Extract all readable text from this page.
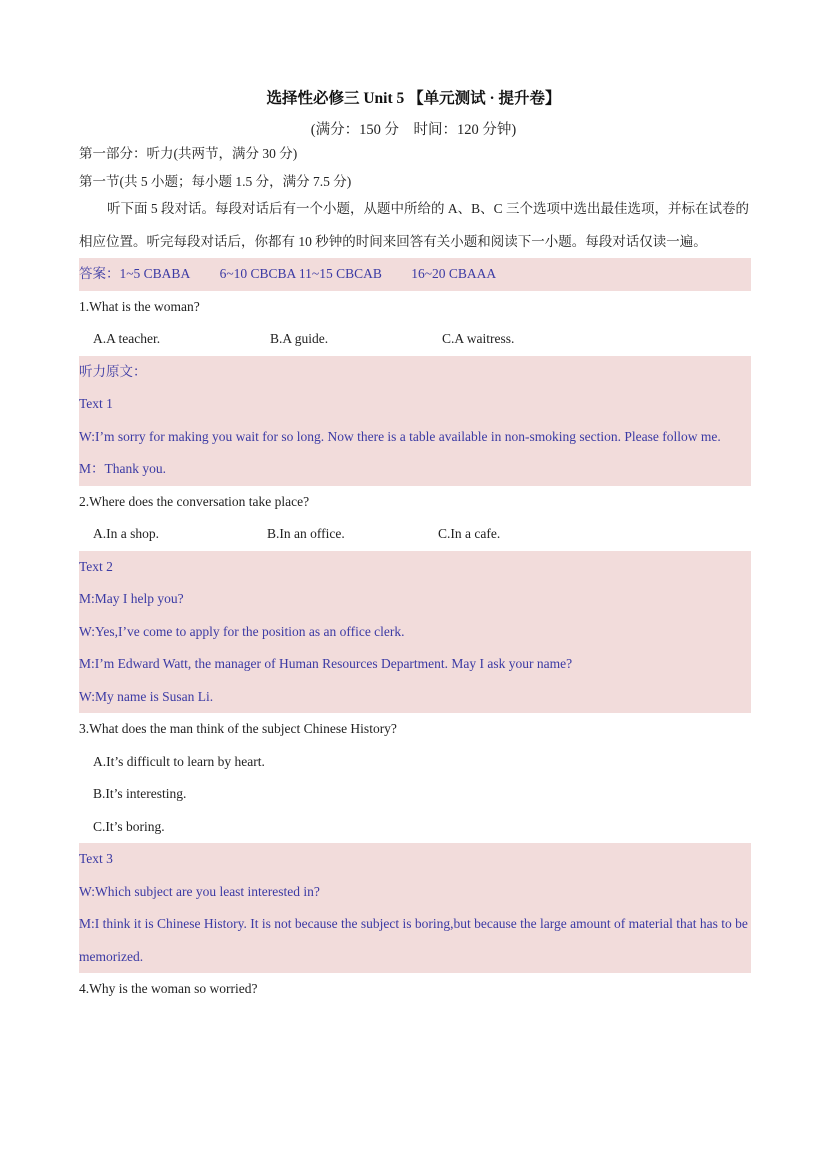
选择性必修三 Unit 5 【单元测试 · 提升卷】
(满分：150 分　时间：120 分钟)
第一部分：听力(共两节，满分 30 分)
第一节(共 5 小题；每小题 1.5 分，满分 7.5 分)
听下面 5 段对话。每段对话后有一个小题，从题中所给的 A、B、C 三个选项中选出最佳选项，并标在试卷的相应位置。听完每段对话后，你都有 10 秒钟的时间来回答有关小题和阅读下一小题。每段对话仅读一遍。
答案：1~5 CBABA 6~10 CBCBA 11~15 CBCAB 16~20 CBAAA
1.What is the woman?
A.A teacher.	B.A guide.	C.A waitress.
听力原文：
Text 1
W:I’m sorry for making you wait for so long. Now there is a table available in non-smoking section. Please follow me.
M：Thank you.
2.Where does the conversation take place?
A.In a shop.	B.In an office.	C.In a cafe.
Text 2
M:May I help you?
W:Yes,I’ve come to apply for the position as an office clerk.
M:I’m Edward Watt, the manager of Human Resources Department. May I ask your name?
W:My name is Susan Li.
3.What does the man think of the subject Chinese History?
A.It’s difficult to learn by heart.
B.It’s interesting.
C.It’s boring.
Text 3
W:Which subject are you least interested in?
M:I think it is Chinese History. It is not because the subject is boring,but because the large amount of material that has to be memorized.
4.Why is the woman so worried?
